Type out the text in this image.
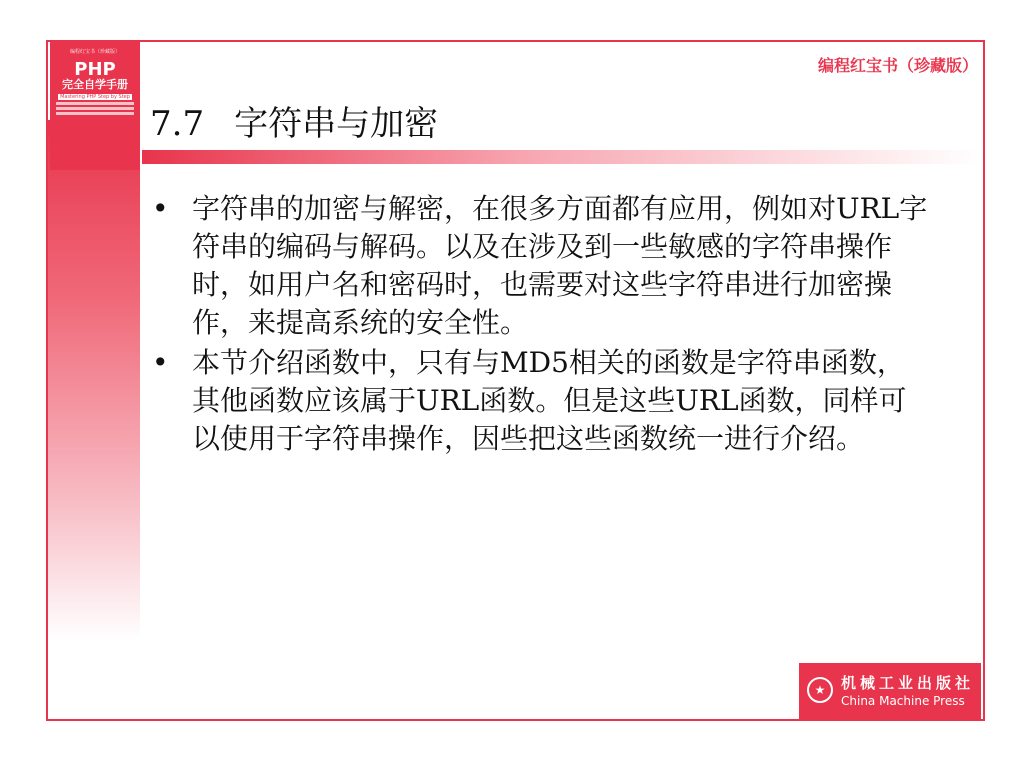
编程红宝书（珍藏版）
PHP
完全自学手册
Mastering PHP Step by Step
编程红宝书（珍藏版）
7.7 字符串与加密
• 字符串的加密与解密，在很多方面都有应用，例如对URL字符串的编码与解码。以及在涉及到一些敏感的字符串操作时，如用户名和密码时，也需要对这些字符串进行加密操作，来提高系统的安全性。
• 本节介绍函数中，只有与MD5相关的函数是字符串函数，其他函数应该属于URL函数。但是这些URL函数，同样可以使用于字符串操作，因些把这些函数统一进行介绍。
★	机械工业出版社
China Machine Press
